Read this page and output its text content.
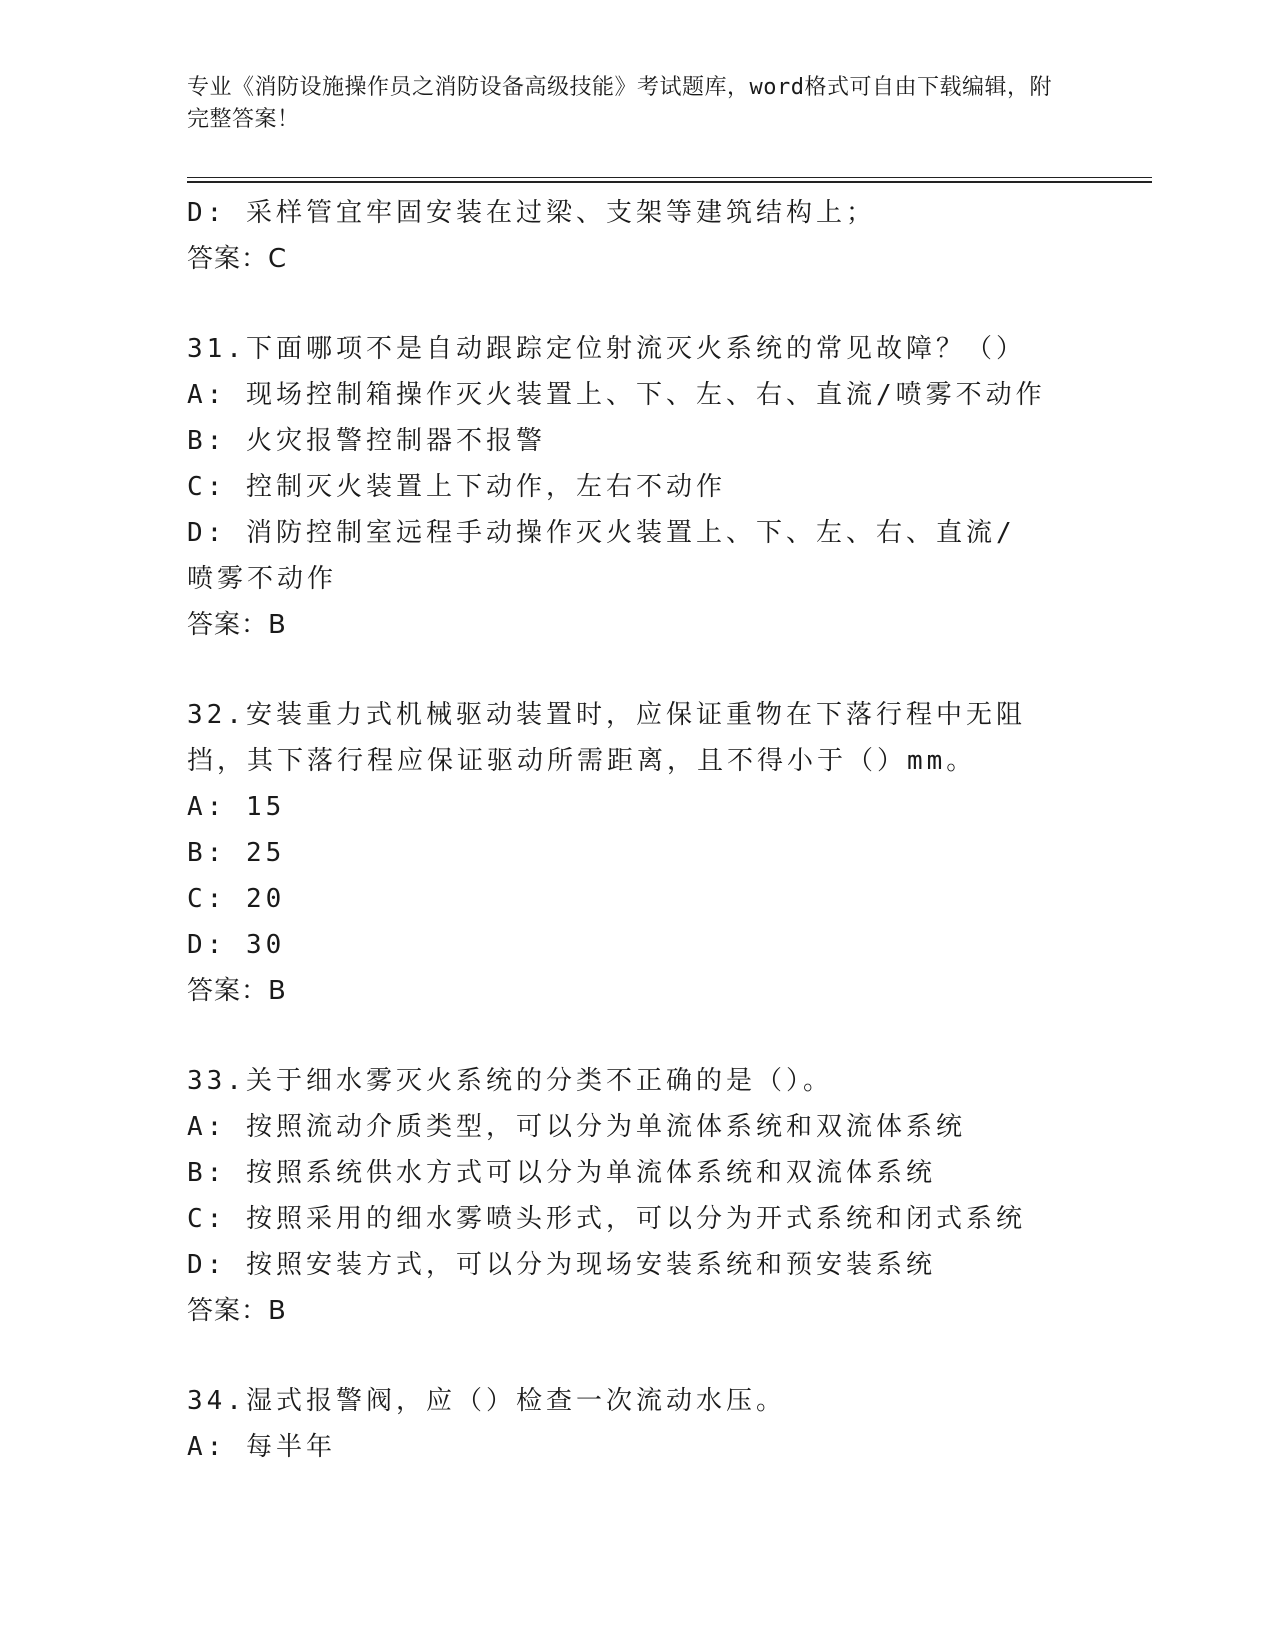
专业《消防设施操作员之消防设备高级技能》考试题库，word格式可自由下载编辑，附完整答案！
D: 采样管宜牢固安装在过梁、支架等建筑结构上；
答案：C
31.下面哪项不是自动跟踪定位射流灭火系统的常见故障？（）
A: 现场控制箱操作灭火装置上、下、左、右、直流/喷雾不动作
B: 火灾报警控制器不报警
C: 控制灭火装置上下动作，左右不动作
D: 消防控制室远程手动操作灭火装置上、下、左、右、直流/喷雾不动作
答案：B
32.安装重力式机械驱动装置时，应保证重物在下落行程中无阻挡，其下落行程应保证驱动所需距离，且不得小于（）mm。
A: 15
B: 25
C: 20
D: 30
答案：B
33.关于细水雾灭火系统的分类不正确的是（）。
A: 按照流动介质类型，可以分为单流体系统和双流体系统
B: 按照系统供水方式可以分为单流体系统和双流体系统
C: 按照采用的细水雾喷头形式，可以分为开式系统和闭式系统
D: 按照安装方式，可以分为现场安装系统和预安装系统
答案：B
34.湿式报警阀，应（）检查一次流动水压。
A: 每半年
